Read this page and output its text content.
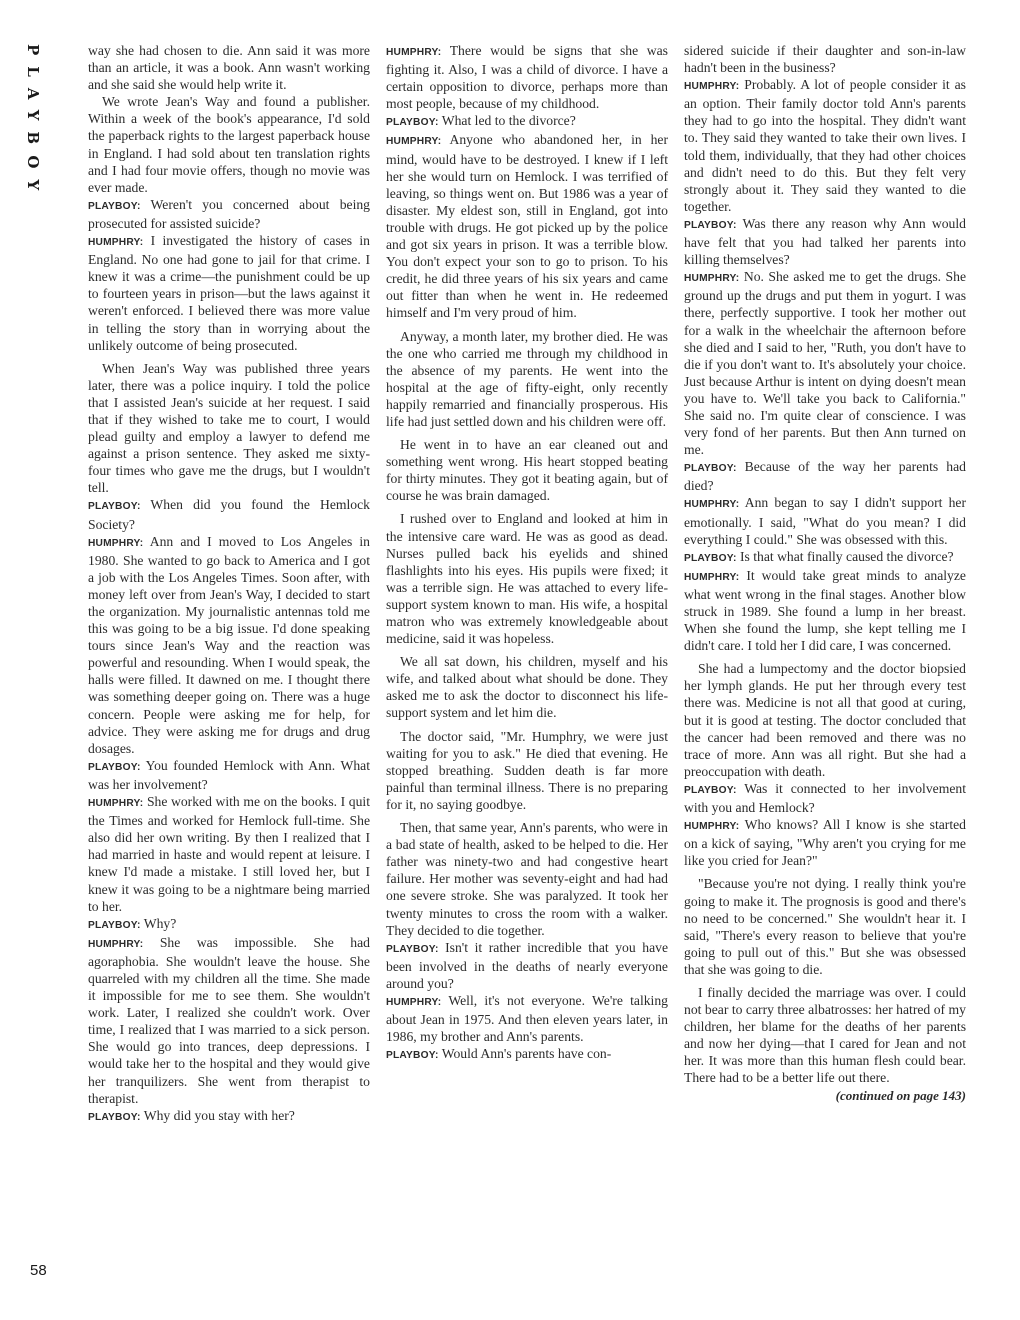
PLAYBOY	way she had chosen to die. Ann said it was more than an article, it was a book. Ann wasn't working and she said she would help write it.

We wrote Jean's Way and found a publisher. Within a week of the book's appearance, I'd sold the paperback rights to the largest paperback house in England. I had sold about ten translation rights and I had four movie offers, though no movie was ever made.

PLAYBOY: Weren't you concerned about being prosecuted for assisted suicide?

HUMPHRY: I investigated the history of cases in England. No one had gone to jail for that crime. I knew it was a crime—the punishment could be up to fourteen years in prison—but the laws against it weren't enforced. I believed there was more value in telling the story than in worrying about the unlikely outcome of being prosecuted.

When Jean's Way was published three years later, there was a police inquiry. I told the police that I assisted Jean's suicide at her request. I said that if they wished to take me to court, I would plead guilty and employ a lawyer to defend me against a prison sentence. They asked me sixty-four times who gave me the drugs, but I wouldn't tell.

PLAYBOY: When did you found the Hemlock Society?

HUMPHRY: Ann and I moved to Los Angeles in 1980. She wanted to go back to America and I got a job with the Los Angeles Times. Soon after, with money left over from Jean's Way, I decided to start the organization. My journalistic antennas told me this was going to be a big issue. I'd done speaking tours since Jean's Way and the reaction was powerful and resounding. When I would speak, the halls were filled. It dawned on me. I thought there was something deeper going on. There was a huge concern. People were asking me for help, for advice. They were asking me for drugs and drug dosages.

PLAYBOY: You founded Hemlock with Ann. What was her involvement?

HUMPHRY: She worked with me on the books. I quit the Times and worked for Hemlock full-time. She also did her own writing. By then I realized that I had married in haste and would repent at leisure. I knew I'd made a mistake. I still loved her, but I knew it was going to be a nightmare being married to her.

PLAYBOY: Why?

HUMPHRY: She was impossible. She had agoraphobia. She wouldn't leave the house. She quarreled with my children all the time. She made it impossible for me to see them. She wouldn't work. Later, I realized she couldn't work. Over time, I realized that I was married to a sick person. She would go into trances, deep depressions. I would take her to the hospital and they would give her tranquilizers. She went from therapist to therapist.

PLAYBOY: Why did you stay with her?

HUMPHRY: There would be signs that she was fighting it. Also, I was a child of divorce. I have a certain opposition to divorce, perhaps more than most people, because of my childhood.

PLAYBOY: What led to the divorce?

HUMPHRY: Anyone who abandoned her, in her mind, would have to be destroyed. I knew if I left her she would turn on Hemlock. I was terrified of leaving, so things went on. But 1986 was a year of disaster. My eldest son, still in England, got into trouble with drugs. He got picked up by the police and got six years in prison. It was a terrible blow. You don't expect your son to go to prison. To his credit, he did three years of his six years and came out fitter than when he went in. He redeemed himself and I'm very proud of him.

Anyway, a month later, my brother died. He was the one who carried me through my childhood in the absence of my parents. He went into the hospital at the age of fifty-eight, only recently happily remarried and financially prosperous. His life had just settled down and his children were off.

He went in to have an ear cleaned out and something went wrong. His heart stopped beating for thirty minutes. They got it beating again, but of course he was brain damaged.

I rushed over to England and looked at him in the intensive care ward. He was as good as dead. Nurses pulled back his eyelids and shined flashlights into his eyes. His pupils were fixed; it was a terrible sign. He was attached to every life-support system known to man. His wife, a hospital matron who was extremely knowledgeable about medicine, said it was hopeless.

We all sat down, his children, myself and his wife, and talked about what should be done. They asked me to ask the doctor to disconnect his life-support system and let him die.

The doctor said, "Mr. Humphry, we were just waiting for you to ask." He died that evening. He stopped breathing. Sudden death is far more painful than terminal illness. There is no preparing for it, no saying goodbye.

Then, that same year, Ann's parents, who were in a bad state of health, asked to be helped to die. Her father was ninety-two and had congestive heart failure. Her mother was seventy-eight and had had one severe stroke. She was paralyzed. It took her twenty minutes to cross the room with a walker. They decided to die together.

PLAYBOY: Isn't it rather incredible that you have been involved in the deaths of nearly everyone around you?

HUMPHRY: Well, it's not everyone. We're talking about Jean in 1975. And then eleven years later, in 1986, my brother and Ann's parents.

PLAYBOY: Would Ann's parents have con-

sidered suicide if their daughter and son-in-law hadn't been in the business?

HUMPHRY: Probably. A lot of people consider it as an option. Their family doctor told Ann's parents they had to go into the hospital. They didn't want to. They said they wanted to take their own lives. I told them, individually, that they had other choices and didn't need to do this. But they felt very strongly about it. They said they wanted to die together.

PLAYBOY: Was there any reason why Ann would have felt that you had talked her parents into killing themselves?

HUMPHRY: No. She asked me to get the drugs. She ground up the drugs and put them in yogurt. I was there, perfectly supportive. I took her mother out for a walk in the wheelchair the afternoon before she died and I said to her, "Ruth, you don't have to die if you don't want to. It's absolutely your choice. Just because Arthur is intent on dying doesn't mean you have to. We'll take you back to California." She said no. I'm quite clear of conscience. I was very fond of her parents. But then Ann turned on me.

PLAYBOY: Because of the way her parents had died?

HUMPHRY: Ann began to say I didn't support her emotionally. I said, "What do you mean? I did everything I could." She was obsessed with this.

PLAYBOY: Is that what finally caused the divorce?

HUMPHRY: It would take great minds to analyze what went wrong in the final stages. Another blow struck in 1989. She found a lump in her breast. When she found the lump, she kept telling me I didn't care. I told her I did care, I was concerned.

She had a lumpectomy and the doctor biopsied her lymph glands. He put her through every test there was. Medicine is not all that good at curing, but it is good at testing. The doctor concluded that the cancer had been removed and there was no trace of more. Ann was all right. But she had a preoccupation with death.

PLAYBOY: Was it connected to her involvement with you and Hemlock?

HUMPHRY: Who knows? All I know is she started on a kick of saying, "Why aren't you crying for me like you cried for Jean?"

"Because you're not dying. I really think you're going to make it. The prognosis is good and there's no need to be concerned." She wouldn't hear it. I said, "There's every reason to believe that you're going to pull out of this." But she was obsessed that she was going to die.

I finally decided the marriage was over. I could not bear to carry three albatrosses: her hatred of my children, her blame for the deaths of her parents and now her dying—that I cared for Jean and not her. It was more than this human flesh could bear. There had to be a better life out there.

(continued on page 143)

58
